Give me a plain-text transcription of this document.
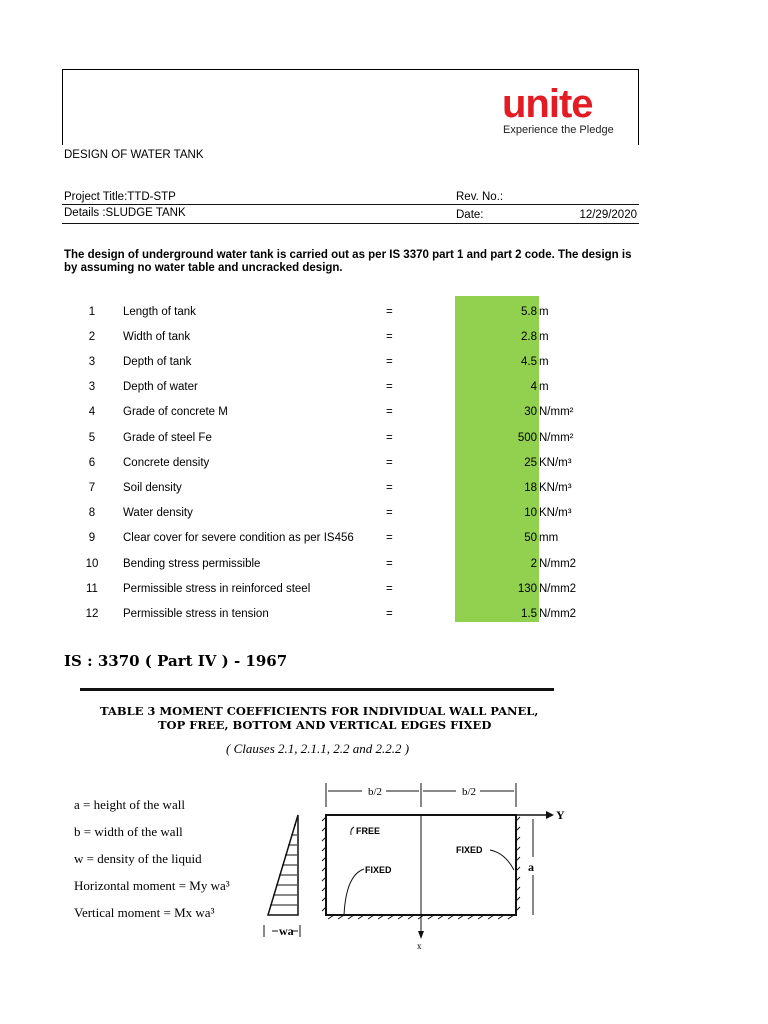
unite
Experience the Pledge
DESIGN OF WATER TANK
Project Title:TTD-STP
Details :SLUDGE TANK
Rev. No.:
Date:	12/29/2020
The design of underground water tank is carried out as per IS 3370 part 1 and part 2 code. The design is
by assuming no water table and uncracked design.
1	Length of tank	=	5.8 m
2	Width of tank	=	2.8 m
3	Depth of tank	=	4.5 m
3	Depth of water	=	4 m
4	Grade of concrete M	=	30 N/mm²
5	Grade of steel Fe	=	500 N/mm²
6	Concrete density	=	25 KN/m³
7	Soil density	=	18 KN/m³
8	Water density	=	10 KN/m³
9	Clear cover for severe condition as per IS456	=	50 mm
10	Bending stress permissible	=	2 N/mm2
11	Permissible stress in reinforced steel	=	130 N/mm2
12	Permissible stress in tension	=	1.5 N/mm2
IS : 3370 ( Part IV ) - 1967
TABLE 3 MOMENT COEFFICIENTS FOR INDIVIDUAL WALL PANEL,
TOP FREE, BOTTOM AND VERTICAL EDGES FIXED
( Clauses 2.1, 2.1.1, 2.2 and 2.2.2 )
a = height of the wall
b = width of the wall
w = density of the liquid
Horizontal moment = My wa³
Vertical moment = Mx wa³
wa
b/2	b/2
Y
a
FREE
FIXED
FIXED
x
